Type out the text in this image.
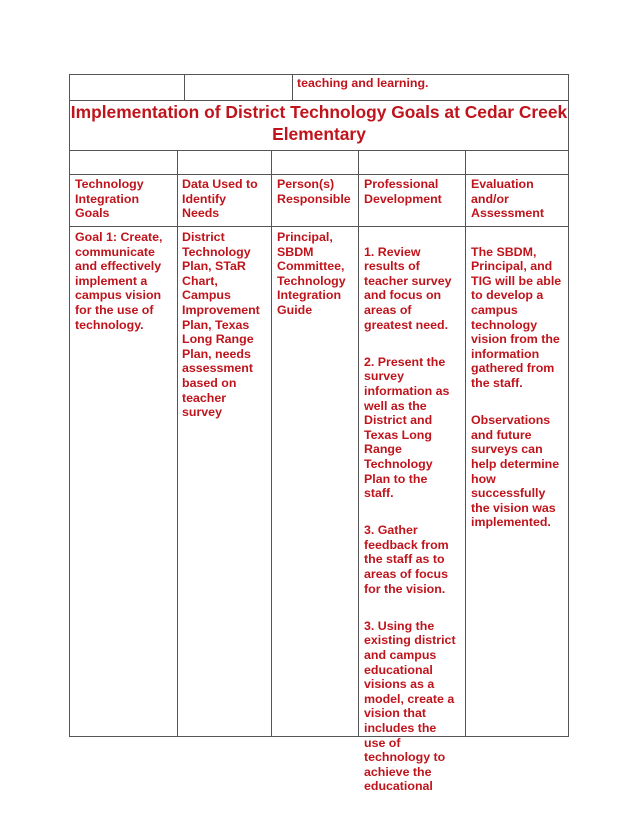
teaching and learning.
Implementation of District Technology Goals at Cedar Creek Elementary
Technology
Integration
Goals
Data Used to
Identify
Needs
Person(s)
Responsible
Professional
Development
Evaluation
and/or
Assessment
Goal 1: Create,
communicate
and effectively
implement a
campus vision
for the use of
technology.
District
Technology
Plan, STaR
Chart,
Campus
Improvement
Plan, Texas
Long Range
Plan, needs
assessment
based on
teacher
survey
Principal,
SBDM
Committee,
Technology
Integration
Guide

1. Review
results of
teacher survey
and focus on
areas of
greatest need.

2. Present the
survey
information as
well as the
District and
Texas Long
Range
Technology
Plan to the
staff.

3. Gather
feedback from
the staff as to
areas of focus
for the vision.

3. Using the
existing district
and campus
educational
visions as a
model, create a
vision that
includes the
use of
technology to
achieve the
educational

The SBDM,
Principal, and
TIG will be able
to develop a
campus
technology
vision from the
information
gathered from
the staff.

Observations
and future
surveys can
help determine
how
successfully
the vision was
implemented.
